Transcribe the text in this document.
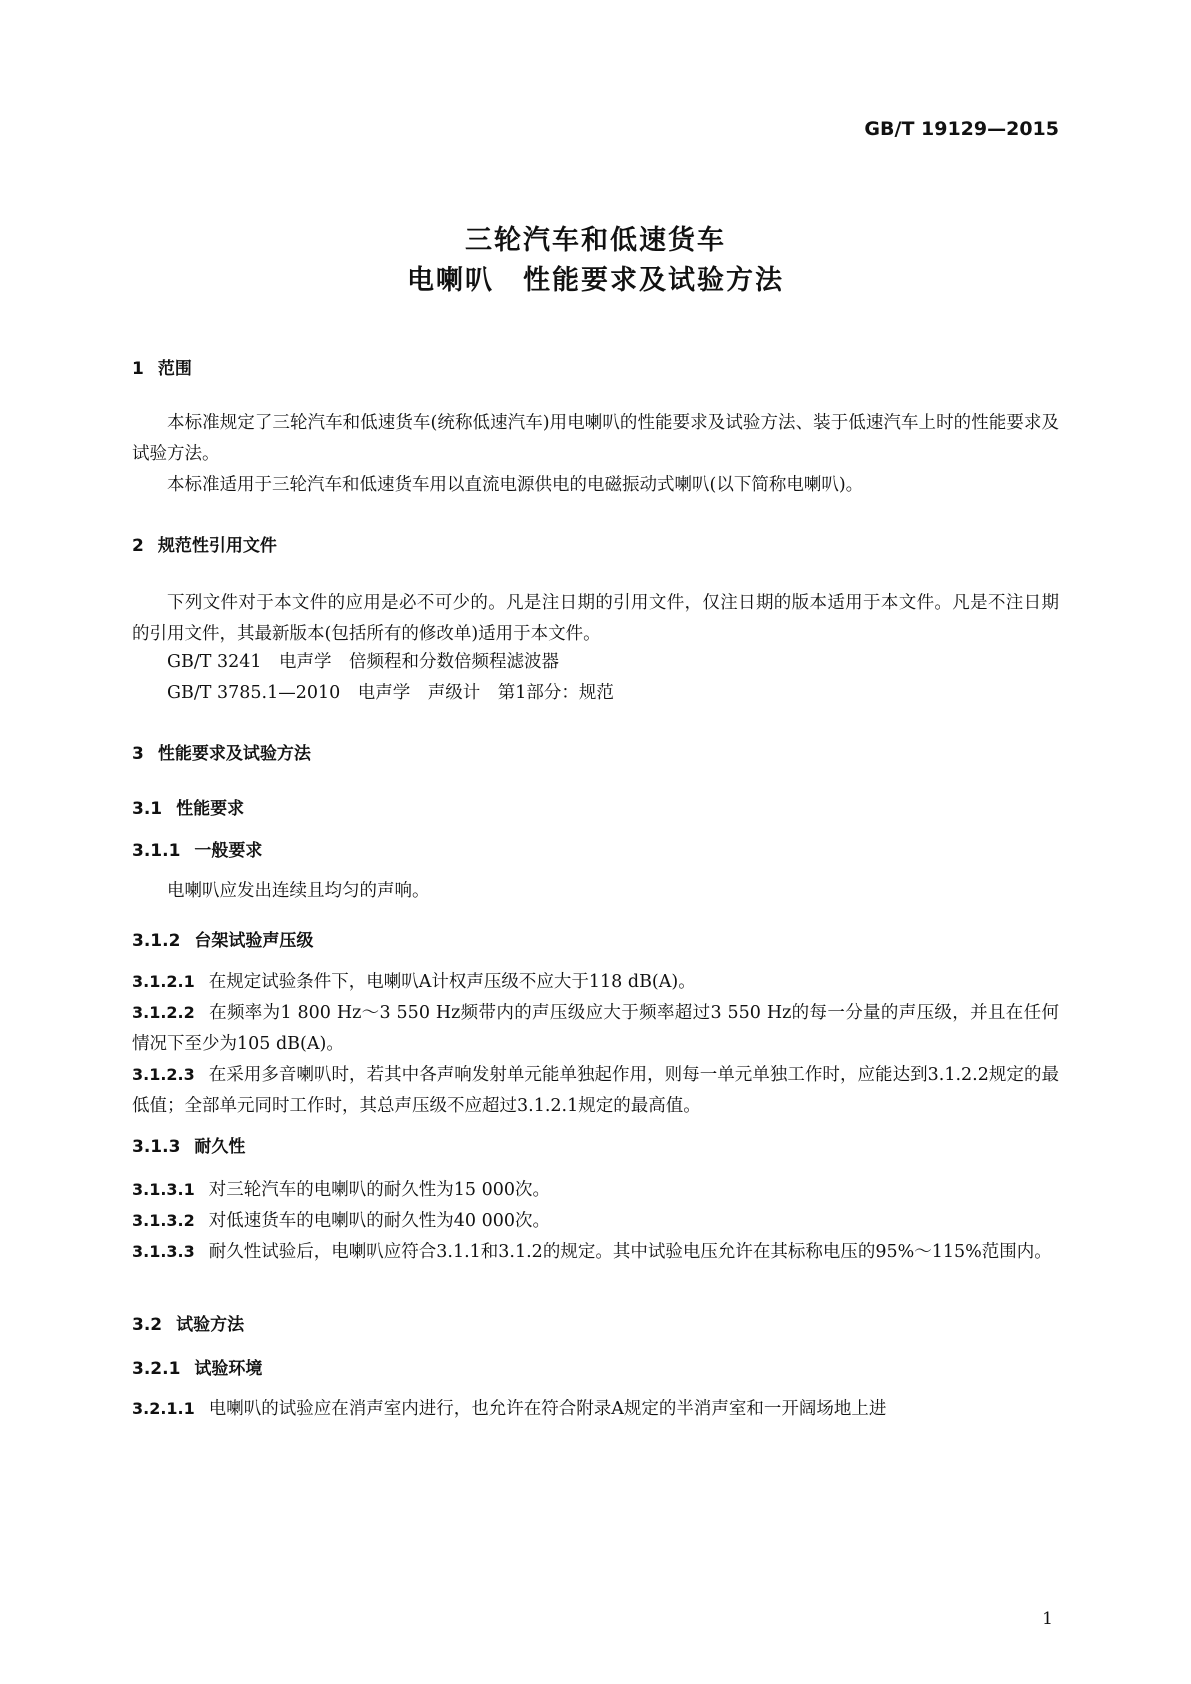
GB/T 19129—2015
三轮汽车和低速货车
电喇叭　性能要求及试验方法
1 范围
本标准规定了三轮汽车和低速货车(统称低速汽车)用电喇叭的性能要求及试验方法、装于低速汽车上时的性能要求及试验方法。
本标准适用于三轮汽车和低速货车用以直流电源供电的电磁振动式喇叭(以下简称电喇叭)。
2 规范性引用文件
下列文件对于本文件的应用是必不可少的。凡是注日期的引用文件，仅注日期的版本适用于本文件。凡是不注日期的引用文件，其最新版本(包括所有的修改单)适用于本文件。
GB/T 3241　电声学　倍频程和分数倍频程滤波器
GB/T 3785.1—2010　电声学　声级计　第1部分：规范
3 性能要求及试验方法
3.1 性能要求
3.1.1 一般要求
电喇叭应发出连续且均匀的声响。
3.1.2 台架试验声压级
3.1.2.1 在规定试验条件下，电喇叭A计权声压级不应大于118 dB(A)。
3.1.2.2 在频率为1 800 Hz～3 550 Hz频带内的声压级应大于频率超过3 550 Hz的每一分量的声压级，并且在任何情况下至少为105 dB(A)。
3.1.2.3 在采用多音喇叭时，若其中各声响发射单元能单独起作用，则每一单元单独工作时，应能达到3.1.2.2规定的最低值；全部单元同时工作时，其总声压级不应超过3.1.2.1规定的最高值。
3.1.3 耐久性
3.1.3.1 对三轮汽车的电喇叭的耐久性为15 000次。
3.1.3.2 对低速货车的电喇叭的耐久性为40 000次。
3.1.3.3 耐久性试验后，电喇叭应符合3.1.1和3.1.2的规定。其中试验电压允许在其标称电压的95%～115%范围内。
3.2 试验方法
3.2.1 试验环境
3.2.1.1 电喇叭的试验应在消声室内进行，也允许在符合附录A规定的半消声室和一开阔场地上进
1
